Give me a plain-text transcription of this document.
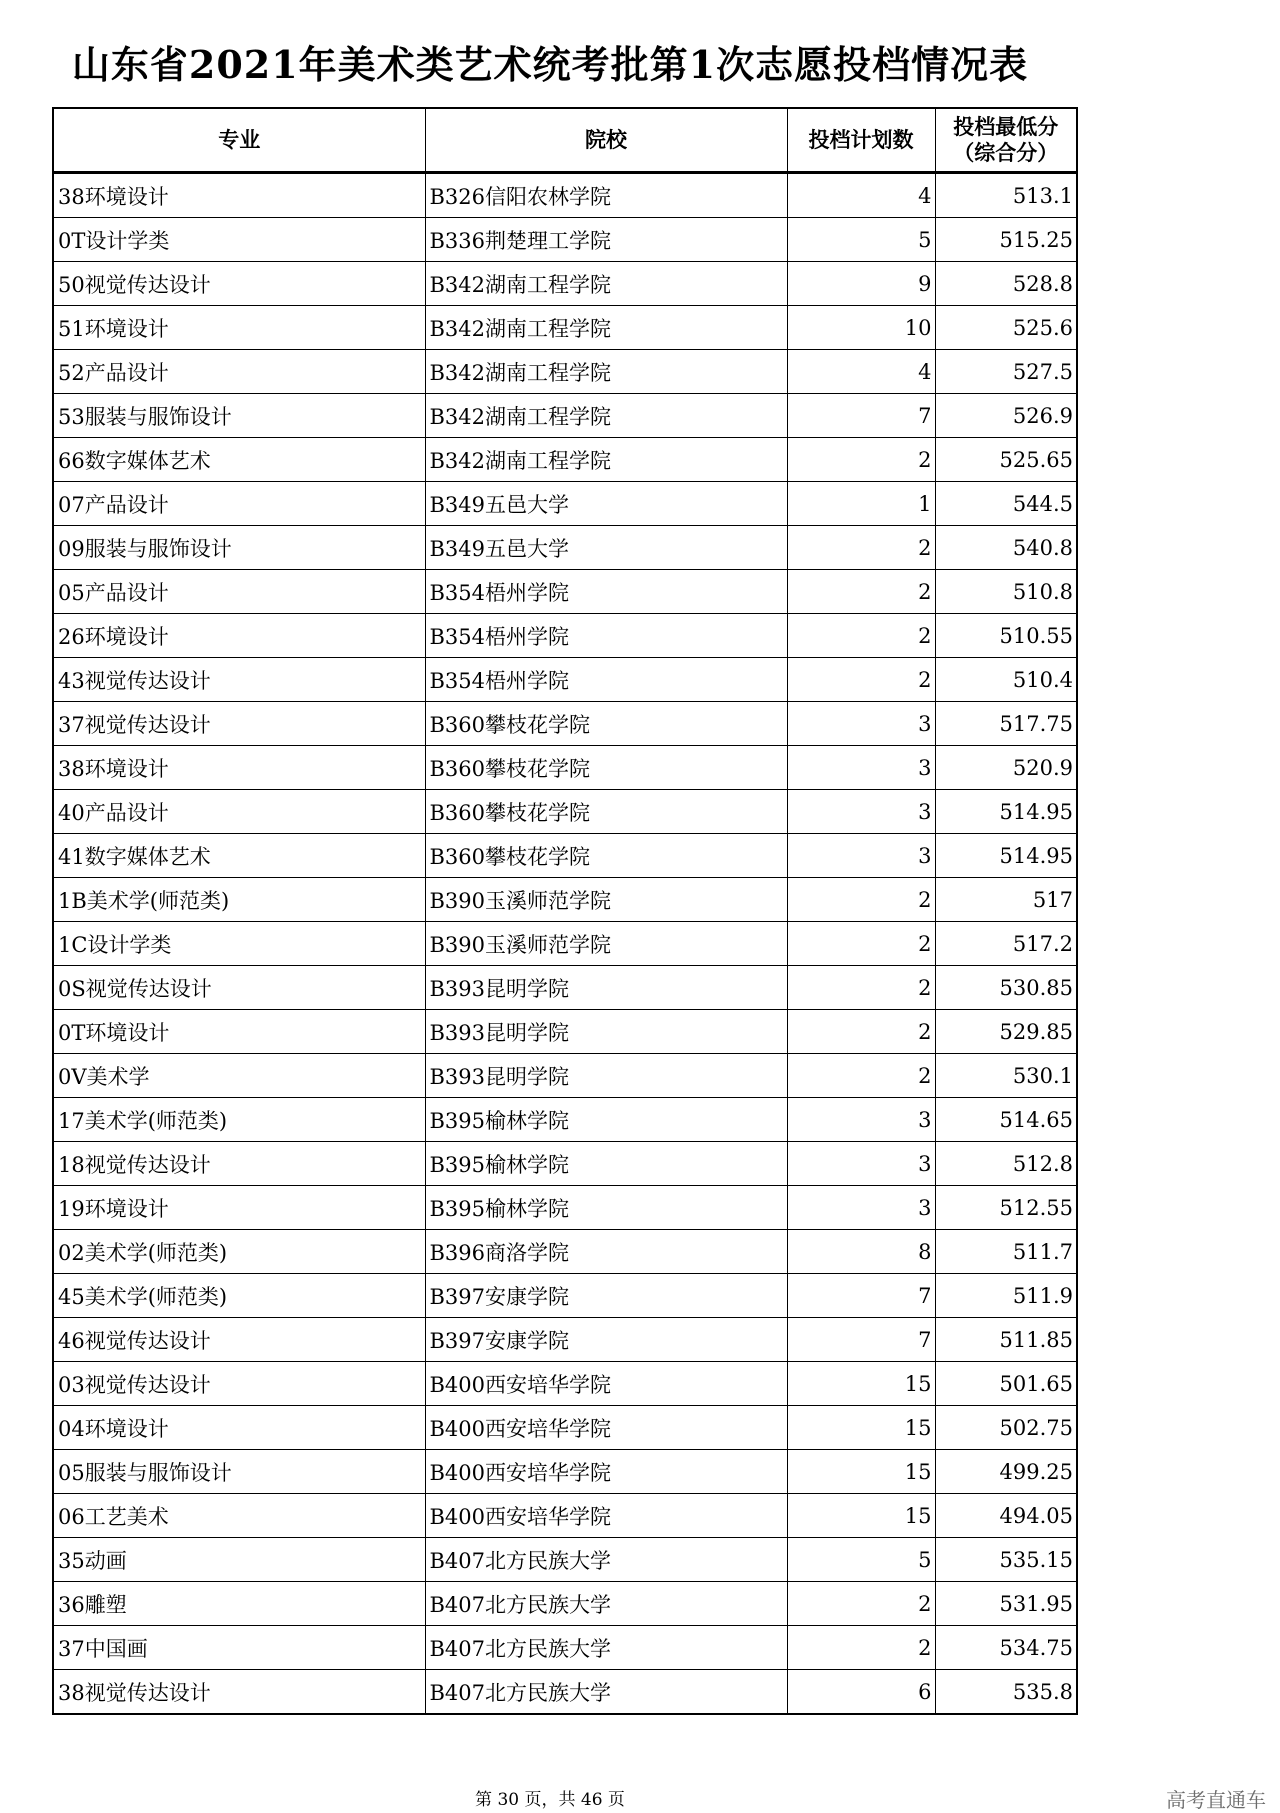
山东省2021年美术类艺术统考批第1次志愿投档情况表
专业	院校	投档计划数	投档最低分
（综合分）

38环境设计	B326信阳农林学院	4	513.1
0T设计学类	B336荆楚理工学院	5	515.25
50视觉传达设计	B342湖南工程学院	9	528.8
51环境设计	B342湖南工程学院	10	525.6
52产品设计	B342湖南工程学院	4	527.5
53服装与服饰设计	B342湖南工程学院	7	526.9
66数字媒体艺术	B342湖南工程学院	2	525.65
07产品设计	B349五邑大学	1	544.5
09服装与服饰设计	B349五邑大学	2	540.8
05产品设计	B354梧州学院	2	510.8
26环境设计	B354梧州学院	2	510.55
43视觉传达设计	B354梧州学院	2	510.4
37视觉传达设计	B360攀枝花学院	3	517.75
38环境设计	B360攀枝花学院	3	520.9
40产品设计	B360攀枝花学院	3	514.95
41数字媒体艺术	B360攀枝花学院	3	514.95
1B美术学(师范类)	B390玉溪师范学院	2	517
1C设计学类	B390玉溪师范学院	2	517.2
0S视觉传达设计	B393昆明学院	2	530.85
0T环境设计	B393昆明学院	2	529.85
0V美术学	B393昆明学院	2	530.1
17美术学(师范类)	B395榆林学院	3	514.65
18视觉传达设计	B395榆林学院	3	512.8
19环境设计	B395榆林学院	3	512.55
02美术学(师范类)	B396商洛学院	8	511.7
45美术学(师范类)	B397安康学院	7	511.9
46视觉传达设计	B397安康学院	7	511.85
03视觉传达设计	B400西安培华学院	15	501.65
04环境设计	B400西安培华学院	15	502.75
05服装与服饰设计	B400西安培华学院	15	499.25
06工艺美术	B400西安培华学院	15	494.05
35动画	B407北方民族大学	5	535.15
36雕塑	B407北方民族大学	2	531.95
37中国画	B407北方民族大学	2	534.75
38视觉传达设计	B407北方民族大学	6	535.8
第 30 页，共 46 页	高考直通车
